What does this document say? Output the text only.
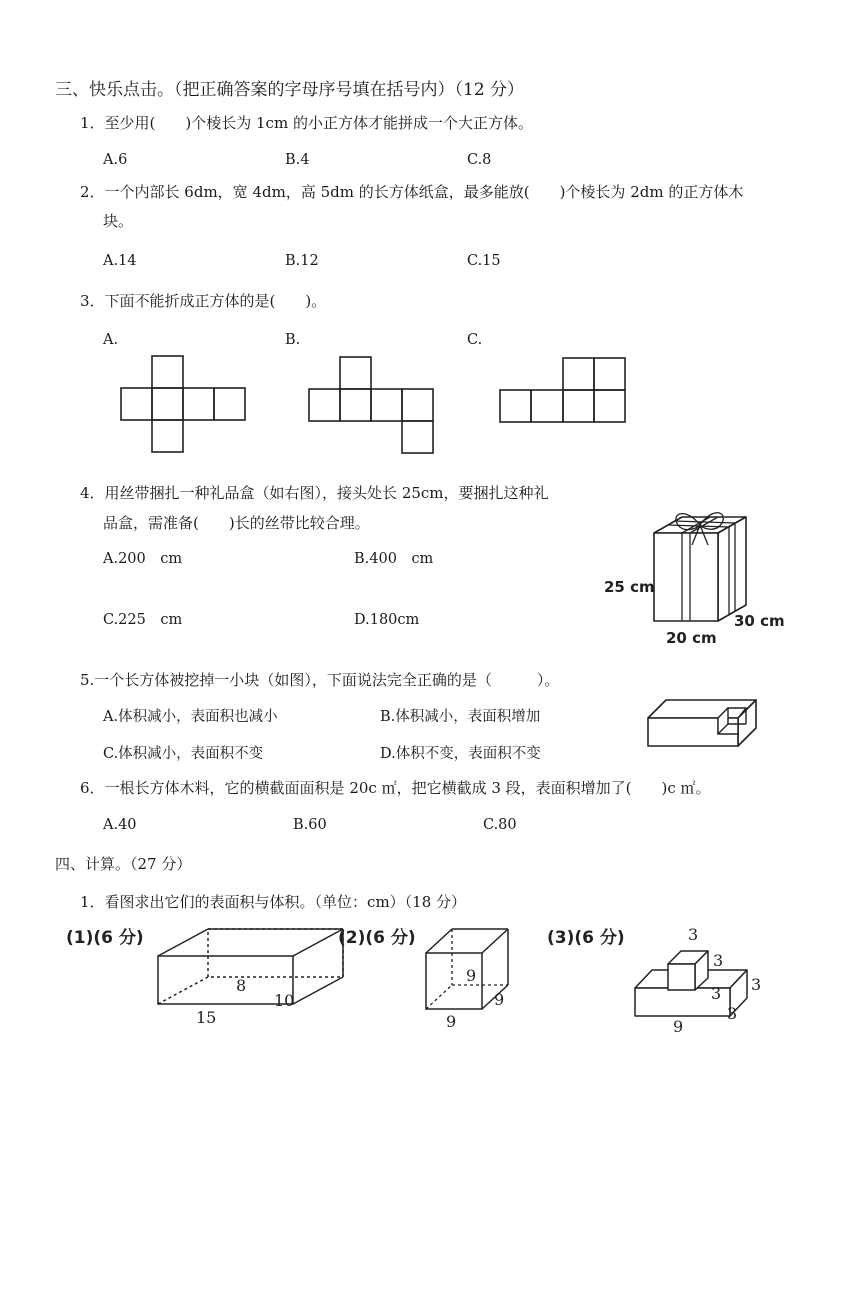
三、快乐点击。（把正确答案的字母序号填在括号内）（12 分）
1．至少用(　　)个棱长为 1cm 的小正方体才能拼成一个大正方体。
A.6	B.4	C.8
2．一个内部长 6dm，宽 4dm，高 5dm 的长方体纸盒，最多能放(　　)个棱长为 2dm 的正方体木
块。
A.14	B.12	C.15
3．下面不能折成正方体的是(　　)。
A.	B.	C.
4．用丝带捆扎一种礼品盒（如右图），接头处长 25cm，要捆扎这种礼
品盒，需准备(　　)长的丝带比较合理。
A.200　cm	B.400　cm
C.225　cm	D.180cm
25 cm
20 cm
30 cm
5.一个长方体被挖掉一小块（如图），下面说法完全正确的是（　　　）。
A.体积减小，表面积也减小	B.体积减小，表面积增加
C.体积减小，表面积不变	D.体积不变，表面积不变
6．一根长方体木料，它的横截面面积是 20c ㎡，把它横截成 3 段，表面积增加了(　　)c ㎡。
A.40	B.60	C.80
四、计算。（27 分）
1．看图求出它们的表面积与体积。（单位：cm）（18 分）
(1)(6 分)
8
10
15
(2)(6 分)
9
9
9
(3)(6 分)	3
3
3 3
9
3
